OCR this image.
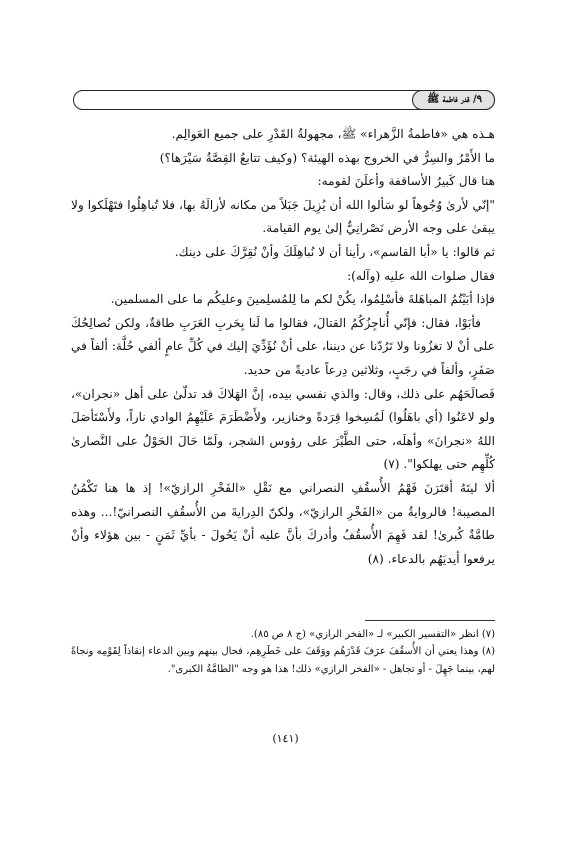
٩/ قدر فاطمة ﷺ

هـذه هي «فاطمةُ الزَّهراء» ﷺ، مجهولةُ القَدْرِ على جميع العَوالِم.

ما الأَمْرُ والسِرُّ في الخروج بهذه الهيئة؟ (وكيف تتابعُ القِصَّةُ سَيْرَها؟)

هنا قال كَبيرُ الأساقفة وأعلَنَ لقومه:

"إنّي لأرىٰ وُجُوهاً لو سَألوا الله أن يُزِيلَ جَبَلاً من مكانه لأزالَهُ بها، فلا تُباهِلُوا فتَهْلَكوا ولا يبقىٰ على وجه الأرض نَصْرانِيٌّ إلىٰ يوم القيامة.

ثم قالوا: يا «أبا القاسم»، رأينا أن لا نُباهِلَكَ وأنْ نُقِرَّكَ على دينك.

فقال صلوات الله عليه (وآله):

فإذا أبَيْتُمُ المباهَلةَ فأسْلِمُوا، يكُنْ لكم ما لِلمُسلِمينَ وعليكُم ما على المسلمين.

فأبَوْا، فقال: فإنّي أُناجِزُكُمُ القتالَ، فقالوا ما لَنا بِحَربِ العَرَبِ طاقةٌ، ولكن نُصالِحُكَ على أنْ لا تغزُونا ولا تَرُدّنا عن ديننا، على أنْ نُؤَدِّيَ إليك في كُلِّ عامٍ ألفي حُلَّة: ألفاً في صَفَرٍ، وألفاً في رجَبٍ، وثلاثين دِرعاً عاديةً من حديد.

فَصالَحَهُم على ذلك، وقال: والذي نفسي بيده، إنَّ الهَلاكَ قد تدلّىٰ على أهل «نجران»، ولو لاعَنُوا (أي باهَلُوا) لَمُسِخوا قِرَدةً وخنازير، ولأَضْطَرَمَ عَلَيْهِمُ الوادي ناراً، ولأَسْتَأصَلَ اللهُ «نجرانَ» وأهلَه، حتى الطَّيْرَ على رؤوس الشجر، ولَمّا حَالَ الحَوْلُ على النَّصارىٰ كُلِّهِم حتى يهلكوا". (٧)

ألا ليتَهُ أقتَرَنَ فَهْمُ الأُسقُفِ النصراني مع نَقْلِ «الفَخْرِ الرازيّ»! إذ ها هنا تَكْمُنُ المصيبة! فالروايةُ من «الفَخْرِ الرازيّ»، ولكنّ الدِرايةَ من الأُسقُفِ النصرانيّ!... وهذه طامَّةٌ كُبرىٰ! لقد فَهِمَ الأُسقُفُ وأدركَ بأنَّ عليه أنْ يَحُولَ - بأيِّ ثَمَنٍ - بين هؤلاء وأنْ يرفعوا أيديَهُم بالدعاء. (٨)

(٧) انظر «التفسير الكبير» لـ «الفخر الرازي» (ج ٨ ص ٨٥).

(٨) وهذا يعني أن الأُسقُفَ عرَفَ قَدْرَهُم ووَقَفَ على خَطَرِهِم، فحال بينهم وبين الدعاء إنقاذاً لِقَوْمِه ونجاةً لهم، بينما جَهِلَ - أو تجاهل - «الفخر الرازي» ذلك! هذا هو وجه "الطامَّةُ الكبرى".

(١٤١)
